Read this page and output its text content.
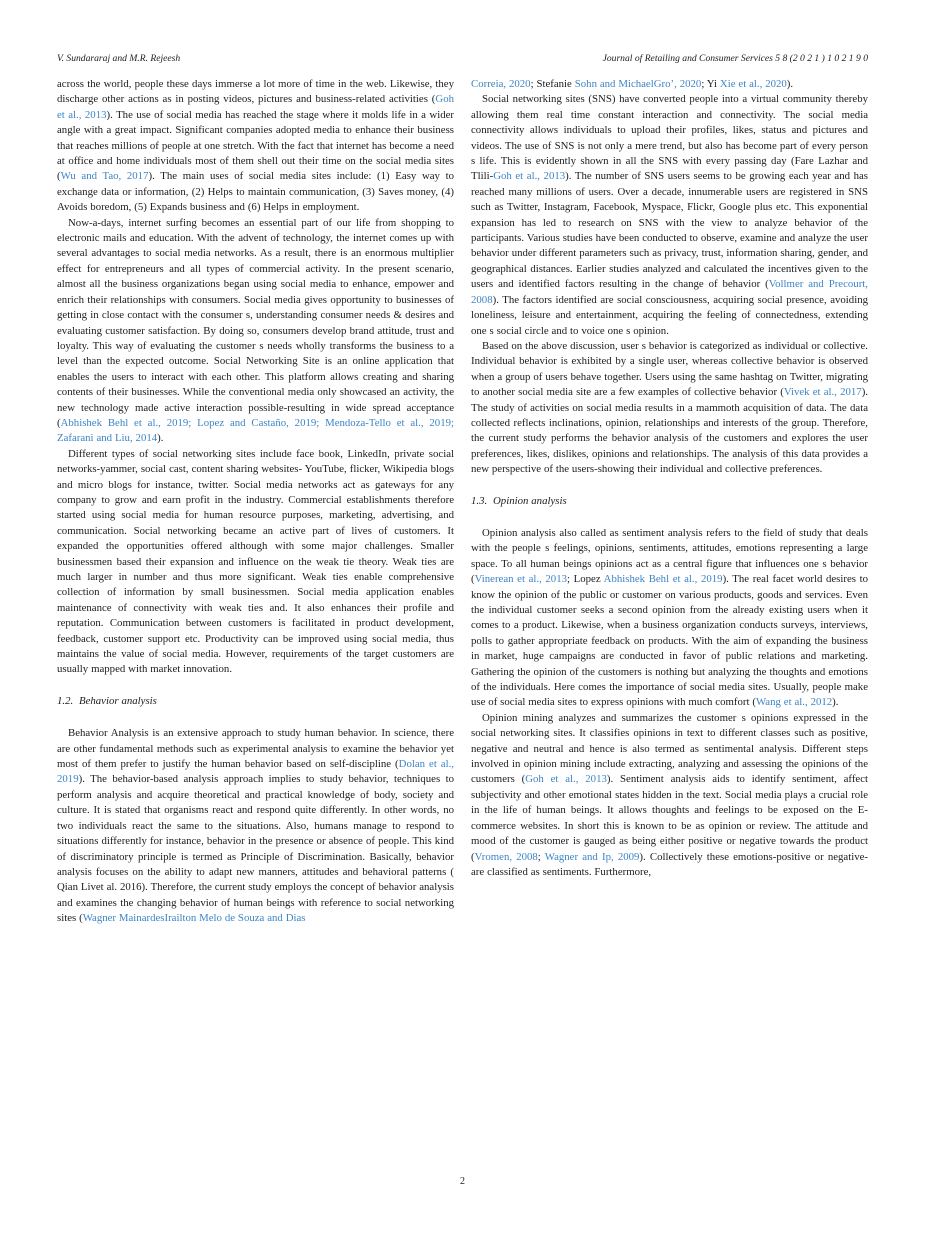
V. Sundararaj and M.R. Rejeesh	Journal of Retailing and Consumer Services 5 8 (2 0 2 1 ) 1 0 2 1 9 0

across the world, people these days immerse a lot more of time in the web. Likewise, they discharge other actions as in posting videos, pictures and business-related activities (Goh et al., 2013). The use of social media has reached the stage where it molds life in a wider angle with a great impact. Significant companies adopted media to enhance their business that reaches millions of people at one stretch. With the fact that internet has become a need at office and home individuals most of them shell out their time on the social media sites (Wu and Tao, 2017). The main uses of social media sites include: (1) Easy way to exchange data or information, (2) Helps to maintain communication, (3) Saves money, (4) Avoids boredom, (5) Expands business and (6) Helps in employment.

Now-a-days, internet surfing becomes an essential part of our life from shopping to electronic mails and education. With the advent of technology, the internet comes up with several advantages to social media networks. As a result, there is an enormous multiplier effect for entrepreneurs and all types of commercial activity. In the present scenario, almost all the business organizations began using social media to enhance, empower and enrich their relationships with consumers. Social media gives opportunity to businesses of getting in close contact with the consumer s, understanding consumer needs & desires and evaluating customer satisfaction. By doing so, consumers develop brand attitude, trust and loyalty. This way of evaluating the customer s needs wholly transforms the business to a level than the expected outcome. Social Networking Site is an online application that enables the users to interact with each other. This platform allows creating and sharing contents of their businesses. While the conventional media only showcased an activity, the new technology made active interaction possible-resulting in wide spread acceptance (Abhishek Behl et al., 2019; Lopez and Castaño, 2019; Mendoza-Tello et al., 2019; Zafarani and Liu, 2014).

Different types of social networking sites include face book, LinkedIn, private social networks-yammer, social cast, content sharing websites- YouTube, flicker, Wikipedia blogs and micro blogs for instance, twitter. Social media networks act as gateways for any company to grow and earn profit in the industry. Commercial establishments therefore started using social media for human resource purposes, marketing, advertising, and communication. Social networking became an active part of lives of customers. It expanded the opportunities offered although with some major challenges. Smaller businessmen based their expansion and influence on the weak tie theory. Weak ties are much larger in number and thus more significant. Weak ties enable comprehensive collection of information by small businessmen. Social media application enables maintenance of connectivity with weak ties and. It also enhances their profile and reputation. Communication between customers is facilitated in product development, feedback, customer support etc. Productivity can be improved using social media, thus maintains the value of social media. However, requirements of the target customers are usually mapped with market innovation.

1.2.  Behavior analysis

Behavior Analysis is an extensive approach to study human behavior. In science, there are other fundamental methods such as experimental analysis to examine the behavior yet most of them prefer to justify the human behavior based on self-discipline (Dolan et al., 2019). The behavior-based analysis approach implies to study behavior, techniques to perform analysis and acquire theoretical and practical knowledge of body, society and culture. It is stated that organisms react and respond quite differently. In other words, no two individuals react the same to the situations. Also, humans manage to respond to situations differently for instance, behavior in the presence or absence of people. This kind of discriminatory principle is termed as Principle of Discrimination. Basically, behavior analysis focuses on the ability to adapt new manners, attitudes and behavioral patterns ( Qian Livet al. 2016). Therefore, the current study employs the concept of behavior analysis and examines the changing behavior of human beings with reference to social networking sites (Wagner MainardesIrailton Melo de Souza and Dias

Correia, 2020; Stefanie Sohn and MichaelGro’, 2020; Yi Xie et al., 2020).

Social networking sites (SNS) have converted people into a virtual community thereby allowing them real time constant interaction and connectivity. The social media connectivity allows individuals to upload their profiles, likes, status and pictures and videos. The use of SNS is not only a mere trend, but also has become part of every person s life. This is evidently shown in all the SNS with every passing day (Fare Lazhar and Tlili-Goh et al., 2013). The number of SNS users seems to be growing each year and has reached many millions of users. Over a decade, innumerable users are registered in SNS such as Twitter, Instagram, Facebook, Myspace, Flickr, Google plus etc. This exponential expansion has led to research on SNS with the view to analyze behavior of the participants. Various studies have been conducted to observe, examine and analyze the user behavior under different parameters such as privacy, trust, information sharing, gender, and geographical distances. Earlier studies analyzed and calculated the incentives given to the users and identified factors resulting in the change of behavior (Vollmer and Precourt, 2008). The factors identified are social consciousness, acquiring social presence, avoiding loneliness, leisure and entertainment, acquiring the feeling of connectedness, extending one s social circle and to voice one s opinion.

Based on the above discussion, user s behavior is categorized as individual or collective. Individual behavior is exhibited by a single user, whereas collective behavior is observed when a group of users behave together. Users using the same hashtag on Twitter, migrating to another social media site are a few examples of collective behavior (Vivek et al., 2017). The study of activities on social media results in a mammoth acquisition of data. The data collected reflects inclinations, opinion, relationships and interests of the group. Therefore, the current study performs the behavior analysis of the customers and explores the user preferences, likes, dislikes, opinions and relationships. The analysis of this data provides a new perspective of the users-showing their individual and collective preferences.

1.3.  Opinion analysis

Opinion analysis also called as sentiment analysis refers to the field of study that deals with the people s feelings, opinions, sentiments, attitudes, emotions representing a large space. To all human beings opinions act as a central figure that influences one s behavior (Vinerean et al., 2013; Lopez Abhishek Behl et al., 2019). The real facet world desires to know the opinion of the public or customer on various products, goods and services. Even the individual customer seeks a second opinion from the already existing users when it comes to a product. Likewise, when a business organization conducts surveys, interviews, polls to gather appropriate feedback on products. With the aim of expanding the business in market, huge campaigns are conducted in favor of public relations and marketing. Gathering the opinion of the customers is nothing but analyzing the thoughts and emotions of the individuals. Here comes the importance of social media sites. Usually, people make use of social media sites to express opinions with much comfort (Wang et al., 2012).

Opinion mining analyzes and summarizes the customer s opinions expressed in the social networking sites. It classifies opinions in text to different classes such as positive, negative and neutral and hence is also termed as sentimental analysis. Different steps involved in opinion mining include extracting, analyzing and assessing the opinions of the customers (Goh et al., 2013). Sentiment analysis aids to identify sentiment, affect subjectivity and other emotional states hidden in the text. Social media plays a crucial role in the life of human beings. It allows thoughts and feelings to be exposed on the E-commerce websites. In short this is known to be as opinion or review. The attitude and mood of the customer is gauged as being either positive or negative towards the product (Vromen, 2008; Wagner and Ip, 2009). Collectively these emotions-positive or negative-are classified as sentiments. Furthermore,

2
